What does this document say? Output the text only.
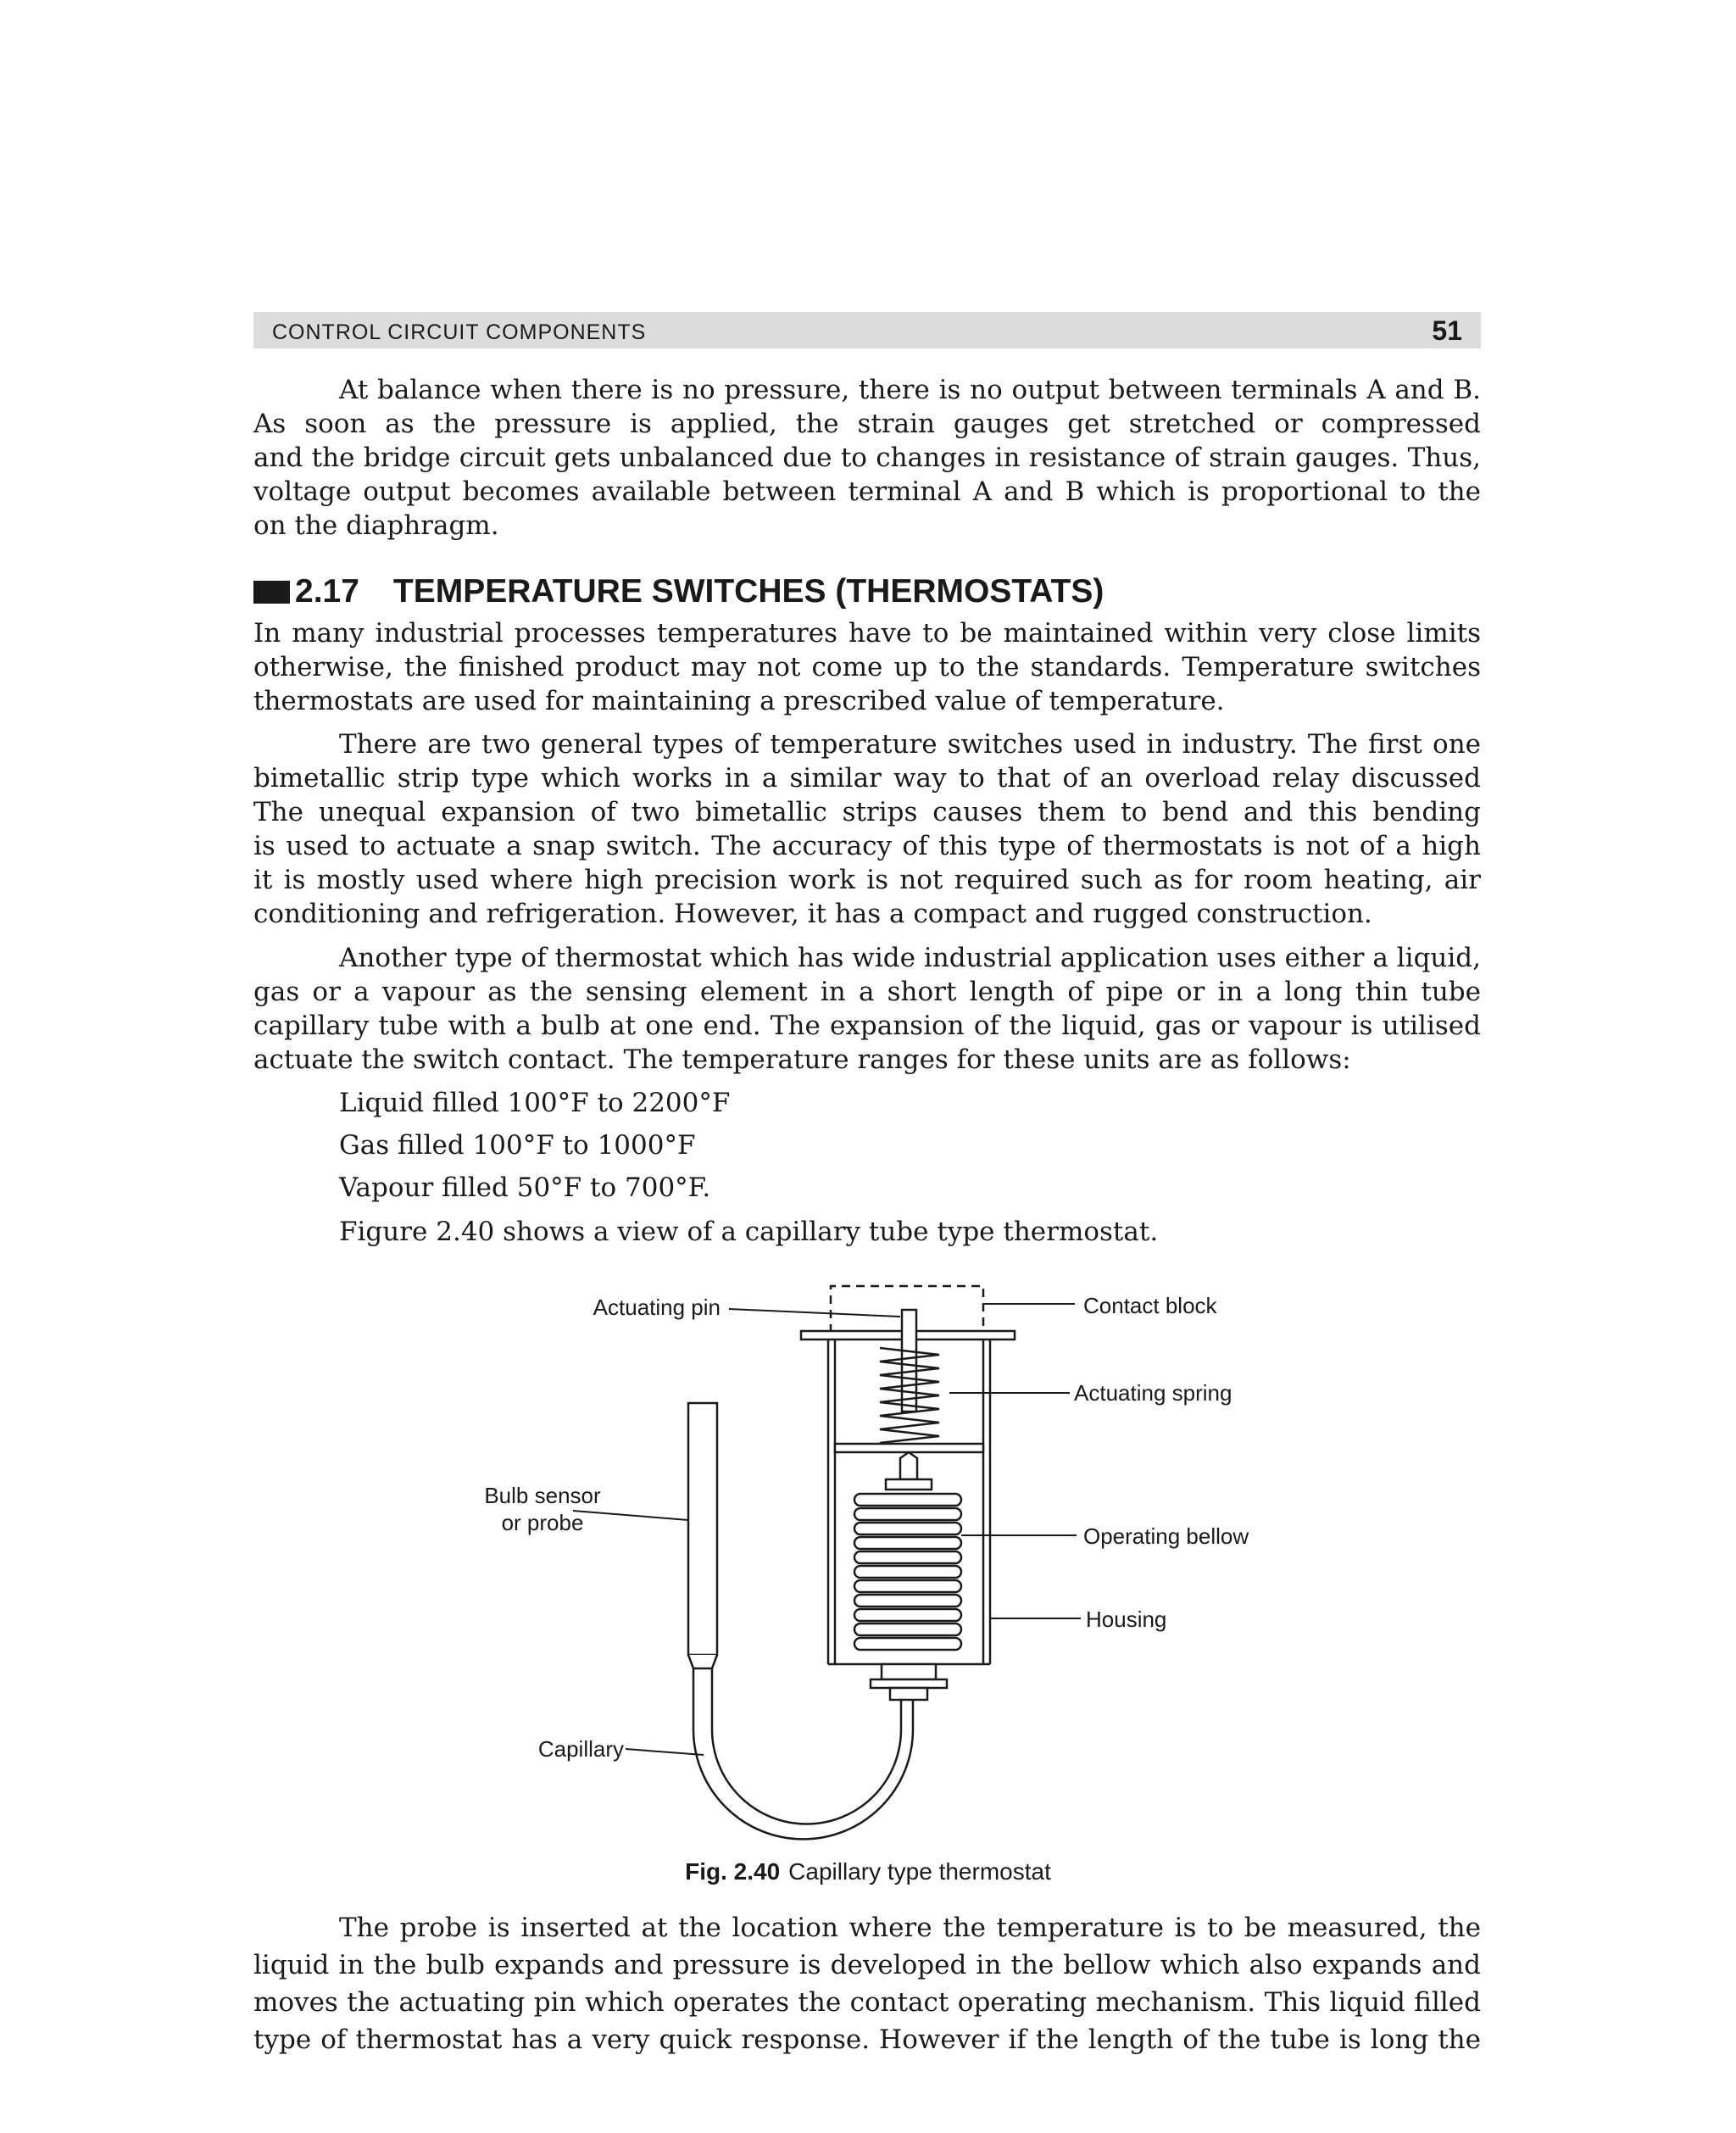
CONTROL CIRCUIT COMPONENTS	51
At balance when there is no pressure, there is no output between terminals A and B.
As soon as the pressure is applied, the strain gauges get stretched or compressed
and the bridge circuit gets unbalanced due to changes in resistance of strain gauges. Thus,
voltage output becomes available between terminal A and B which is proportional to the
on the diaphragm.
2.17 TEMPERATURE SWITCHES (THERMOSTATS)
In many industrial processes temperatures have to be maintained within very close limits
otherwise, the finished product may not come up to the standards. Temperature switches
thermostats are used for maintaining a prescribed value of temperature.
There are two general types of temperature switches used in industry. The first one
bimetallic strip type which works in a similar way to that of an overload relay discussed
The unequal expansion of two bimetallic strips causes them to bend and this bending
is used to actuate a snap switch. The accuracy of this type of thermostats is not of a high
it is mostly used where high precision work is not required such as for room heating, air
conditioning and refrigeration. However, it has a compact and rugged construction.
Another type of thermostat which has wide industrial application uses either a liquid,
gas or a vapour as the sensing element in a short length of pipe or in a long thin tube
capillary tube with a bulb at one end. The expansion of the liquid, gas or vapour is utilised
actuate the switch contact. The temperature ranges for these units are as follows:
Liquid filled 100°F to 2200°F
Gas filled 100°F to 1000°F
Vapour filled 50°F to 700°F.
Figure 2.40 shows a view of a capillary tube type thermostat.
Actuating pin	Contact block
Actuating spring
Bulb sensor
or probe
Operating bellow
Housing
Capillary
Fig. 2.40 Capillary type thermostat
The probe is inserted at the location where the temperature is to be measured, the
liquid in the bulb expands and pressure is developed in the bellow which also expands and
moves the actuating pin which operates the contact operating mechanism. This liquid filled
type of thermostat has a very quick response. However if the length of the tube is long the
